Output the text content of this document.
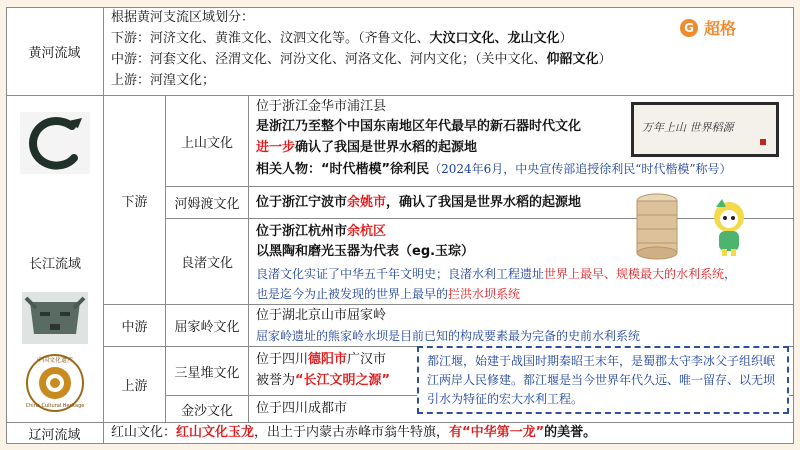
黄河流域
根据黄河支流区域划分：
下游：河济文化、黄淮文化、汶泗文化等。（齐鲁文化、大汶口文化、龙山文化）
中游：河套文化、泾渭文化、河汾文化、河洛文化、河内文化；（关中文化、仰韶文化）
上游：河湟文化；
长江流域
中国文化遗产
China Cultural Heritage
下游
中游
上游
上山文化
位于浙江金华市浦江县
是浙江乃至整个中国东南地区年代最早的新石器时代文化
进一步确认了我国是世界水稻的起源地
相关人物：“时代楷模”徐利民（2024年6月，中央宣传部追授徐利民“时代楷模”称号）
万年上山 世界稻源
河姆渡文化 位于浙江宁波市余姚市，确认了我国是世界水稻的起源地
良渚文化
位于浙江杭州市余杭区
以黑陶和磨光玉器为代表（eg.玉琮）
良渚文化实证了中华五千年文明史；良渚水利工程遗址世界上最早、规模最大的水利系统，
也是迄今为止被发现的世界上最早的拦洪水坝系统
屈家岭文化
位于湖北京山市屈家岭
屈家岭遗址的熊家岭水坝是目前已知的构成要素最为完备的史前水利系统
三星堆文化
位于四川德阳市广汉市
被誉为“长江文明之源”
金沙文化 位于四川成都市
辽河流域 红山文化：红山文化玉龙，出土于内蒙古赤峰市翁牛特旗，有“中华第一龙”的美誉。
都江堰，始建于战国时期秦昭王末年，是蜀郡太守李冰父子组织岷江两岸人民修建。都江堰是当今世界年代久远、唯一留存、以无坝引水为特征的宏大水利工程。
G 超格
